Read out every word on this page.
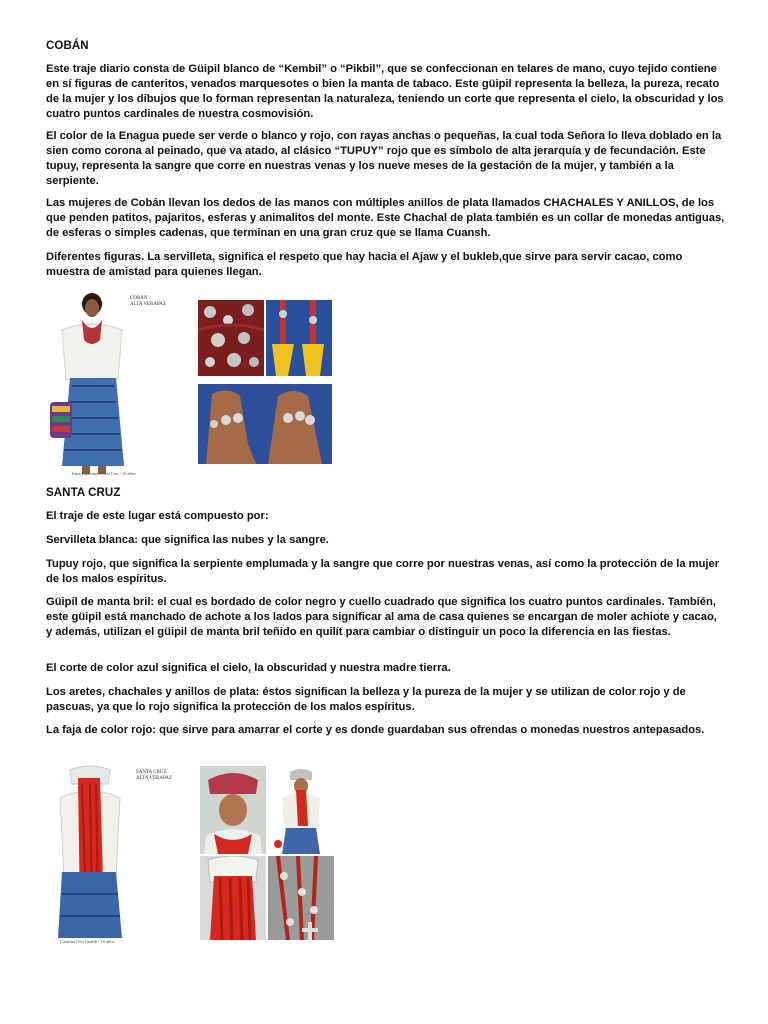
COBÁN

Este traje diario consta de Güipil blanco de “Kembil” o “Pikbil”, que se confeccionan en telares de mano, cuyo tejido contiene en sí figuras de canteritos, venados marquesotes o bien la manta de tabaco. Este güipil representa la belleza, la pureza, recato de la mujer y los dibujos que lo forman representan la naturaleza, teniendo un corte que representa el cielo, la obscuridad y los cuatro puntos cardinales de nuestra cosmovisión.

El color de la Enagua puede ser verde o blanco y rojo, con rayas anchas o pequeñas, la cual toda Señora lo lleva doblado en la sien como corona al peinado, que va atado, al clásico “TUPUY” rojo que es símbolo de alta jerarquía y de fecundación. Este tupuy, representa la sangre que corre en nuestras venas y los nueve meses de la gestación de la mujer, y también a la serpiente.

Las mujeres de Cobán llevan los dedos de las manos con múltiples anillos de plata llamados CHACHALES Y ANILLOS, de los que penden patitos, pajaritos, esferas y animalitos del monte. Este Chachal de plata también es un collar de monedas antiguas, de esferas o simples cadenas, que terminan en una gran cruz que se llama Cuansh.

Diferentes figuras. La servilleta, significa el respeto que hay hacia el Ajaw y el bukleb,que sirve para servir cacao, como muestra de amistad para quienes llegan.

COBÁN
ALTA VERAPAZ
Irma Esperanza Coal Cuy / 16 años
SANTA CRUZ

El traje de este lugar está compuesto por:

Servilleta blanca: que significa las nubes y la sangre.

Tupuy rojo, que significa la serpiente emplumada y la sangre que corre por nuestras venas, así como la protección de la mujer de los malos espíritus.

Güipil de manta bril: el cual es bordado de color negro y cuello cuadrado que significa los cuatro puntos cardinales. También, este güipil está manchado de achote a los lados para significar al ama de casa quienes se encargan de moler achiote y cacao, y además, utilizan el güipil de manta bril teñido en quilít para cambiar o distinguir un poco la diferencia en las fiestas.

El corte de color azul significa el cielo, la obscuridad y nuestra madre tierra.

Los aretes, chachales y anillos de plata: éstos significan la belleza y la pureza de la mujer y se utilizan de color rojo y de pascuas, ya que lo rojo significa la protección de los malos espíritus.

La faja de color rojo: que sirve para amarrar el corte y es donde guardaban sus ofrendas o monedas nuestros antepasados.

SANTA CRUZ
ALTA VERAPAZ
Catalina Cho Gualib / 16 años
